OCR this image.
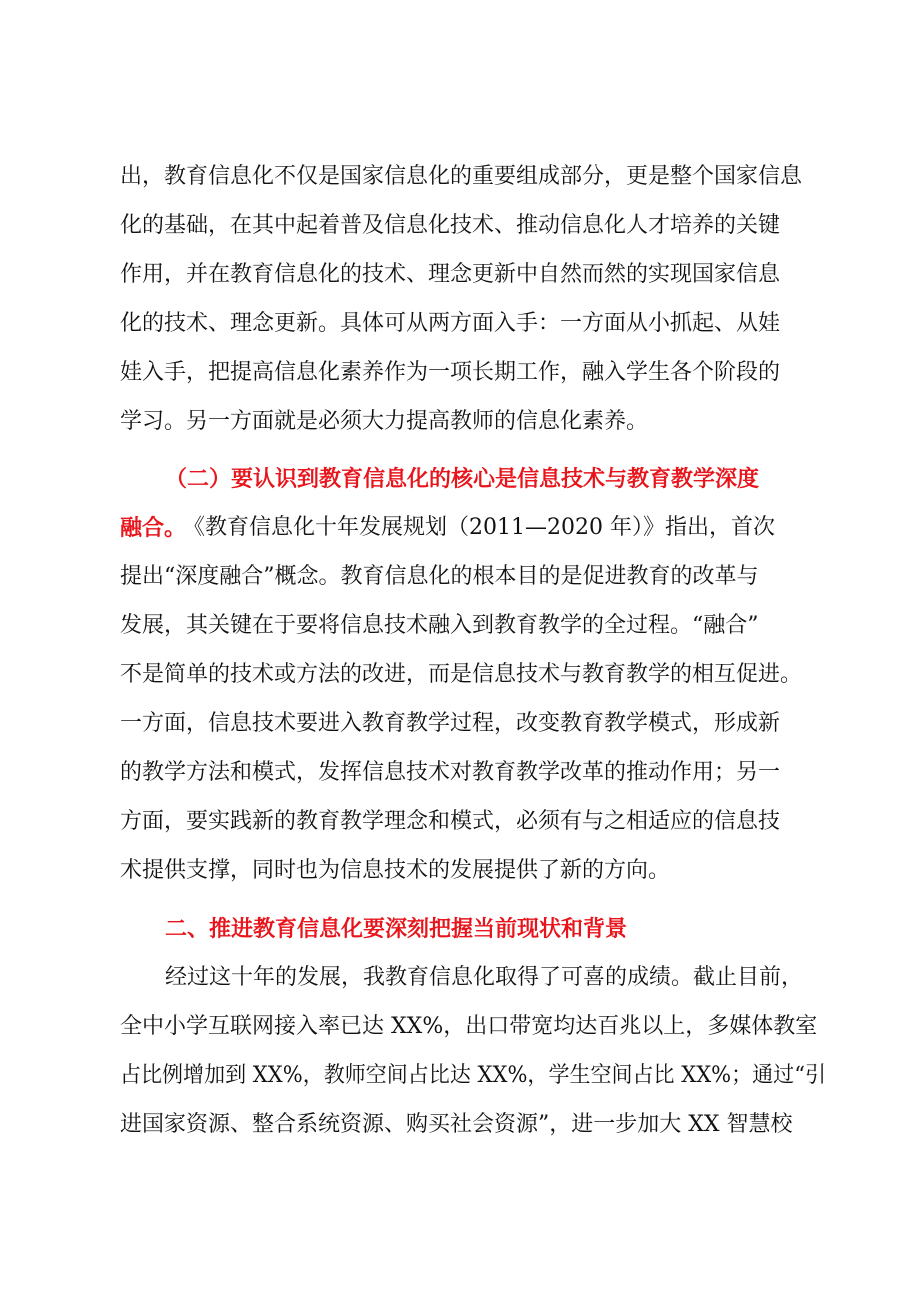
出，教育信息化不仅是国家信息化的重要组成部分，更是整个国家信息

化的基础，在其中起着普及信息化技术、推动信息化人才培养的关键

作用，并在教育信息化的技术、理念更新中自然而然的实现国家信息

化的技术、理念更新。具体可从两方面入手：一方面从小抓起、从娃

娃入手，把提高信息化素养作为一项长期工作，融入学生各个阶段的

学习。另一方面就是必须大力提高教师的信息化素养。

（二）要认识到教育信息化的核心是信息技术与教育教学深度

融合。

《教育信息化十年发展规划（2011—2020 年）》指出，首次

提出“深度融合”概念。教育信息化的根本目的是促进教育的改革与

发展，其关键在于要将信息技术融入到教育教学的全过程。“融合”

不是简单的技术或方法的改进，而是信息技术与教育教学的相互促进。

一方面，信息技术要进入教育教学过程，改变教育教学模式，形成新

的教学方法和模式，发挥信息技术对教育教学改革的推动作用；另一

方面，要实践新的教育教学理念和模式，必须有与之相适应的信息技

术提供支撑，同时也为信息技术的发展提供了新的方向。

二、推进教育信息化要深刻把握当前现状和背景

经过这十年的发展，我教育信息化取得了可喜的成绩。截止目前，

全中小学互联网接入率已达 XX%，出口带宽均达百兆以上，多媒体教室

占比例增加到 XX%，教师空间占比达 XX%，学生空间占比 XX%；通过“引

进国家资源、整合系统资源、购买社会资源”，进一步加大 XX 智慧校
